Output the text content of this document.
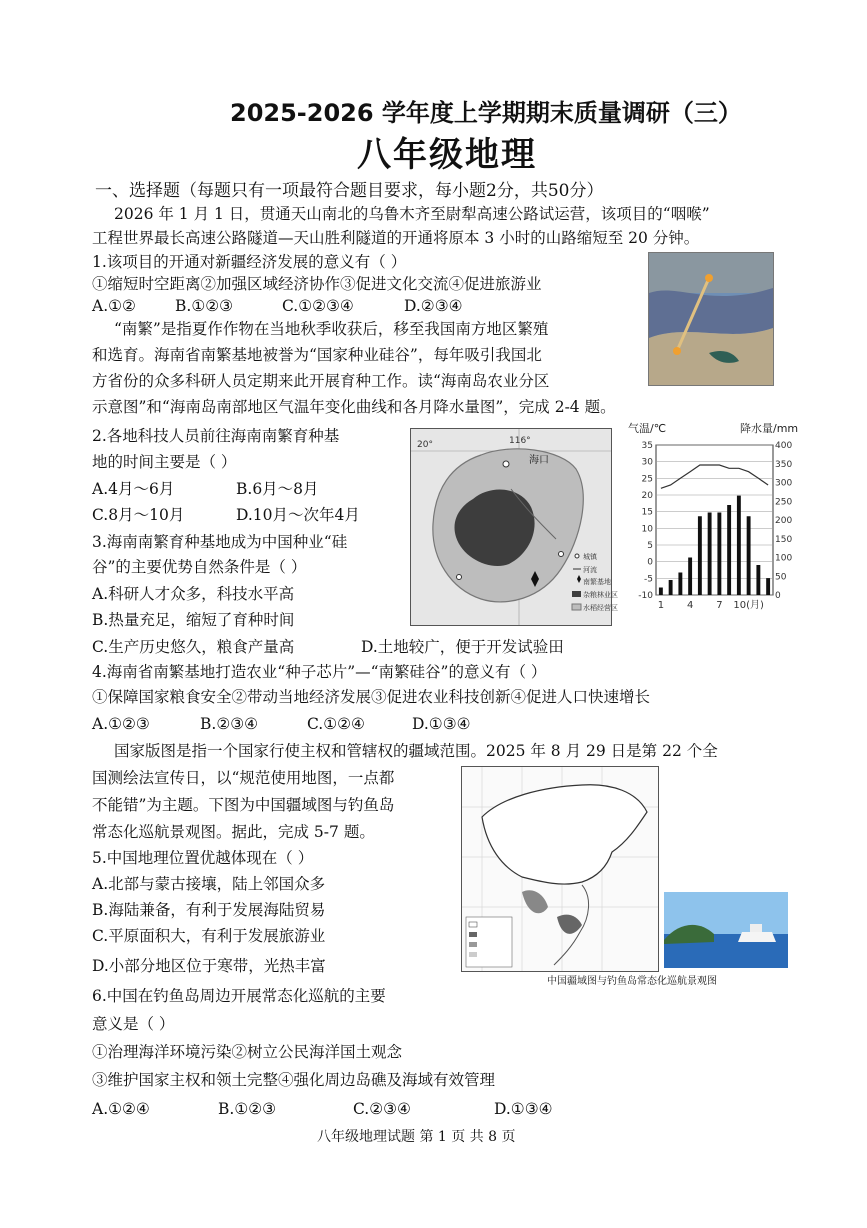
2025-2026 学年度上学期期末质量调研（三）
八年级地理
一、选择题（每题只有一项最符合题目要求，每小题2分，共50分）
2026 年 1 月 1 日，贯通天山南北的乌鲁木齐至尉犁高速公路试运营，该项目的“咽喉”
工程世界最长高速公路隧道—天山胜利隧道的开通将原本 3 小时的山路缩短至 20 分钟。
1.该项目的开通对新疆经济发展的意义有（ ）
①缩短时空距离②加强区域经济协作③促进文化交流④促进旅游业
A.①②	B.①②③	C.①②③④	D.②③④
“南繁”是指夏作作物在当地秋季收获后，移至我国南方地区繁殖
和选育。海南省南繁基地被誉为“国家种业硅谷”，每年吸引我国北
方省份的众多科研人员定期来此开展育种工作。读“海南岛农业分区
示意图”和“海南岛南部地区气温年变化曲线和各月降水量图”，完成 2-4 题。
2.各地科技人员前往海南南繁育种基
地的时间主要是（ ）
A.4月～6月	B.6月～8月
C.8月～10月	D.10月～次年4月
3.海南南繁育种基地成为中国种业“硅
谷”的主要优势自然条件是（ ）
A.科研人才众多，科技水平高
B.热量充足，缩短了育种时间
C.生产历史悠久，粮食产量高	D.土地较广，便于开发试验田
20°	116°
海口
城镇
河流
南繁基地
杂粮林业区
水稻经营区
气温/℃	降水量/mm
-10
-5
0
5
10
15
20
25
30
35
0
50
100
150
200
250
300
350
400
1 4 7 10(月)
4.海南省南繁基地打造农业“种子芯片”—“南繁硅谷”的意义有（ ）
①保障国家粮食安全②带动当地经济发展③促进农业科技创新④促进人口快速增长
A.①②③	B.②③④	C.①②④	D.①③④
国家版图是指一个国家行使主权和管辖权的疆域范围。2025 年 8 月 29 日是第 22 个全
国测绘法宣传日，以“规范使用地图，一点都
不能错”为主题。下图为中国疆域图与钓鱼岛
常态化巡航景观图。据此，完成 5-7 题。
5.中国地理位置优越体现在（ ）
A.北部与蒙古接壤，陆上邻国众多
B.海陆兼备，有利于发展海陆贸易
C.平原面积大，有利于发展旅游业
D.小部分地区位于寒带，光热丰富
中国疆域图与钓鱼岛常态化巡航景观图
6.中国在钓鱼岛周边开展常态化巡航的主要
意义是（ ）
①治理海洋环境污染②树立公民海洋国土观念
③维护国家主权和领土完整④强化周边岛礁及海域有效管理
A.①②④	B.①②③	C.②③④	D.①③④
八年级地理试题 第 1 页 共 8 页
